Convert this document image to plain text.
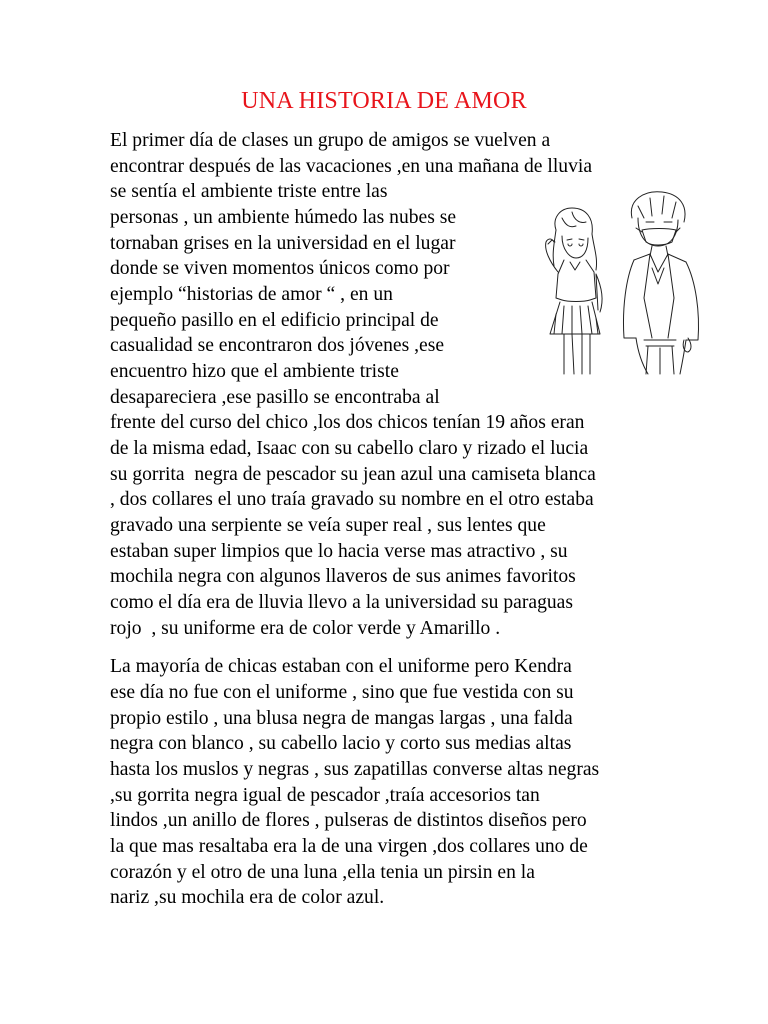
UNA HISTORIA DE AMOR
El primer día de clases un grupo de amigos se vuelven a
encontrar después de las vacaciones ,en una mañana de lluvia
se sentía el ambiente triste entre las
personas , un ambiente húmedo las nubes se
tornaban grises en la universidad en el lugar
donde se viven momentos únicos como por
ejemplo “historias de amor “ , en un
pequeño pasillo en el edificio principal de
casualidad se encontraron dos jóvenes ,ese
encuentro hizo que el ambiente triste
desapareciera ,ese pasillo se encontraba al
frente del curso del chico ,los dos chicos tenían 19 años eran
de la misma edad, Isaac con su cabello claro y rizado el lucia
su gorrita  negra de pescador su jean azul una camiseta blanca
, dos collares el uno traía gravado su nombre en el otro estaba
gravado una serpiente se veía super real , sus lentes que
estaban super limpios que lo hacia verse mas atractivo , su
mochila negra con algunos llaveros de sus animes favoritos
como el día era de lluvia llevo a la universidad su paraguas
rojo  , su uniforme era de color verde y Amarillo .
La mayoría de chicas estaban con el uniforme pero Kendra
ese día no fue con el uniforme , sino que fue vestida con su
propio estilo , una blusa negra de mangas largas , una falda
negra con blanco , su cabello lacio y corto sus medias altas
hasta los muslos y negras , sus zapatillas converse altas negras
,su gorrita negra igual de pescador ,traía accesorios tan
lindos ,un anillo de flores , pulseras de distintos diseños pero
la que mas resaltaba era la de una virgen ,dos collares uno de
corazón y el otro de una luna ,ella tenia un pirsin en la
nariz ,su mochila era de color azul.
